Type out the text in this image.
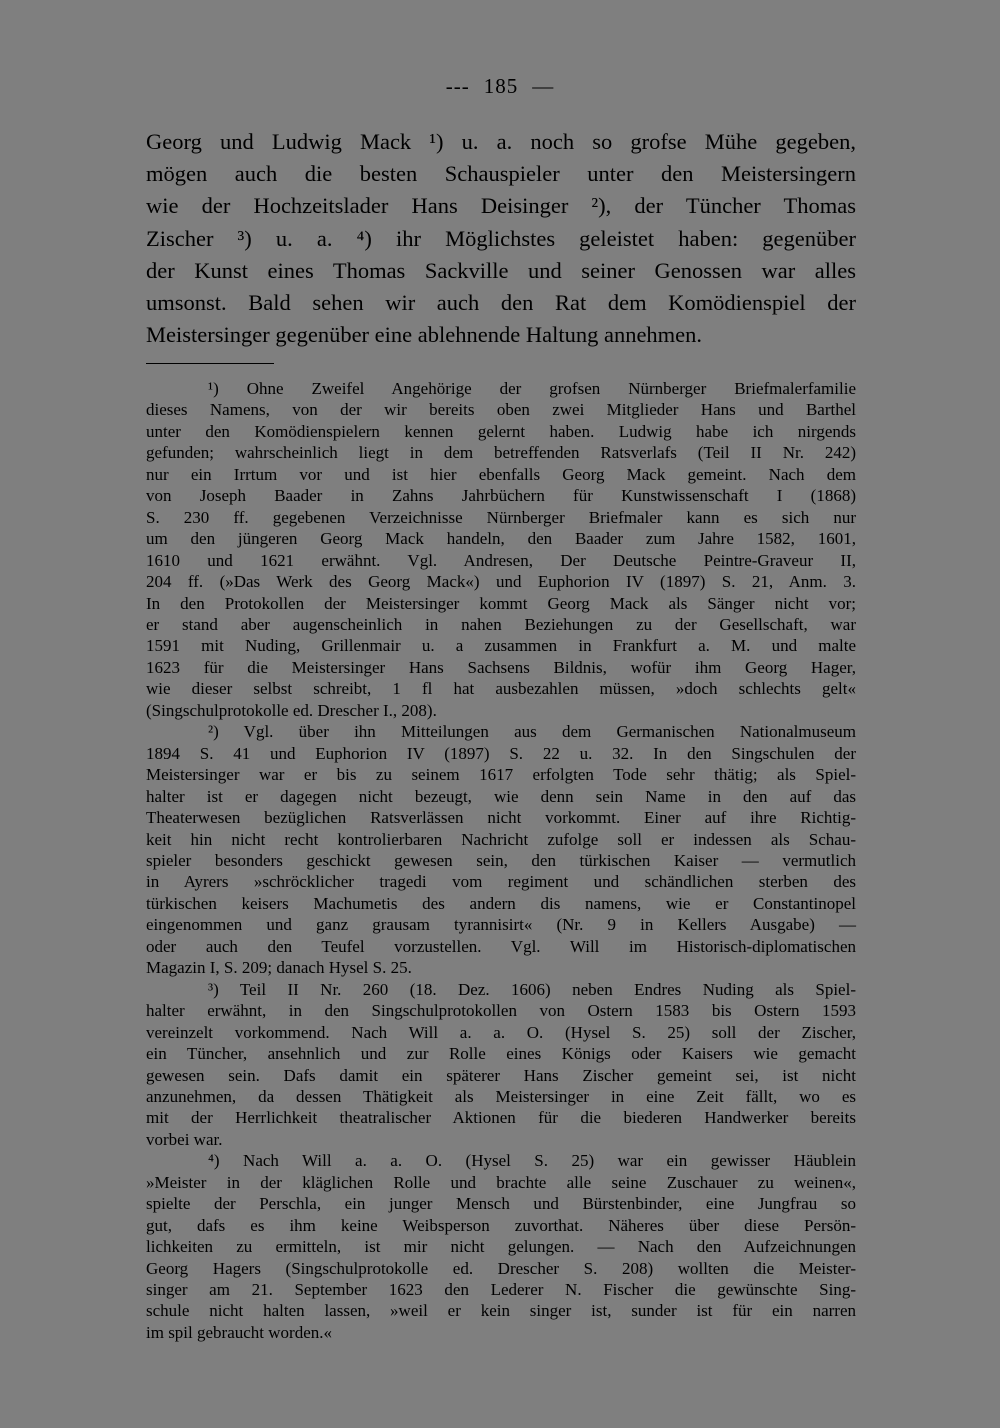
--- 185 —
Georg und Ludwig Mack ¹) u. a. noch so grofse Mühe gegeben,
mögen auch die besten Schauspieler unter den Meistersingern
wie der Hochzeitslader Hans Deisinger ²), der Tüncher Thomas
Zischer ³) u. a. ⁴) ihr Möglichstes geleistet haben: gegenüber
der Kunst eines Thomas Sackville und seiner Genossen war alles
umsonst. Bald sehen wir auch den Rat dem Komödienspiel der
Meistersinger gegenüber eine ablehnende Haltung annehmen.
¹) Ohne Zweifel Angehörige der grofsen Nürnberger Briefmalerfamilie
dieses Namens, von der wir bereits oben zwei Mitglieder Hans und Barthel
unter den Komödienspielern kennen gelernt haben. Ludwig habe ich nirgends
gefunden; wahrscheinlich liegt in dem betreffenden Ratsverlafs (Teil II Nr. 242)
nur ein Irrtum vor und ist hier ebenfalls Georg Mack gemeint. Nach dem
von Joseph Baader in Zahns Jahrbüchern für Kunstwissenschaft I (1868)
S. 230 ff. gegebenen Verzeichnisse Nürnberger Briefmaler kann es sich nur
um den jüngeren Georg Mack handeln, den Baader zum Jahre 1582, 1601,
1610 und 1621 erwähnt. Vgl. Andresen, Der Deutsche Peintre-Graveur II,
204 ff. (»Das Werk des Georg Mack«) und Euphorion IV (1897) S. 21, Anm. 3.
In den Protokollen der Meistersinger kommt Georg Mack als Sänger nicht vor;
er stand aber augenscheinlich in nahen Beziehungen zu der Gesellschaft, war
1591 mit Nuding, Grillenmair u. a zusammen in Frankfurt a. M. und malte
1623 für die Meistersinger Hans Sachsens Bildnis, wofür ihm Georg Hager,
wie dieser selbst schreibt, 1 fl hat ausbezahlen müssen, »doch schlechts gelt«
(Singschulprotokolle ed. Drescher I., 208).
²) Vgl. über ihn Mitteilungen aus dem Germanischen Nationalmuseum
1894 S. 41 und Euphorion IV (1897) S. 22 u. 32. In den Singschulen der
Meistersinger war er bis zu seinem 1617 erfolgten Tode sehr thätig; als Spiel-
halter ist er dagegen nicht bezeugt, wie denn sein Name in den auf das
Theaterwesen bezüglichen Ratsverlässen nicht vorkommt. Einer auf ihre Richtig-
keit hin nicht recht kontrolierbaren Nachricht zufolge soll er indessen als Schau-
spieler besonders geschickt gewesen sein, den türkischen Kaiser — vermutlich
in Ayrers »schröcklicher tragedi vom regiment und schändlichen sterben des
türkischen keisers Machumetis des andern dis namens, wie er Constantinopel
eingenommen und ganz grausam tyrannisirt« (Nr. 9 in Kellers Ausgabe) —
oder auch den Teufel vorzustellen. Vgl. Will im Historisch-diplomatischen
Magazin I, S. 209; danach Hysel S. 25.
³) Teil II Nr. 260 (18. Dez. 1606) neben Endres Nuding als Spiel-
halter erwähnt, in den Singschulprotokollen von Ostern 1583 bis Ostern 1593
vereinzelt vorkommend. Nach Will a. a. O. (Hysel S. 25) soll der Zischer,
ein Tüncher, ansehnlich und zur Rolle eines Königs oder Kaisers wie gemacht
gewesen sein. Dafs damit ein späterer Hans Zischer gemeint sei, ist nicht
anzunehmen, da dessen Thätigkeit als Meistersinger in eine Zeit fällt, wo es
mit der Herrlichkeit theatralischer Aktionen für die biederen Handwerker bereits
vorbei war.
⁴) Nach Will a. a. O. (Hysel S. 25) war ein gewisser Häublein
»Meister in der kläglichen Rolle und brachte alle seine Zuschauer zu weinen«,
spielte der Perschla, ein junger Mensch und Bürstenbinder, eine Jungfrau so
gut, dafs es ihm keine Weibsperson zuvorthat. Näheres über diese Persön-
lichkeiten zu ermitteln, ist mir nicht gelungen. — Nach den Aufzeichnungen
Georg Hagers (Singschulprotokolle ed. Drescher S. 208) wollten die Meister-
singer am 21. September 1623 den Lederer N. Fischer die gewünschte Sing-
schule nicht halten lassen, »weil er kein singer ist, sunder ist für ein narren
im spil gebraucht worden.«
